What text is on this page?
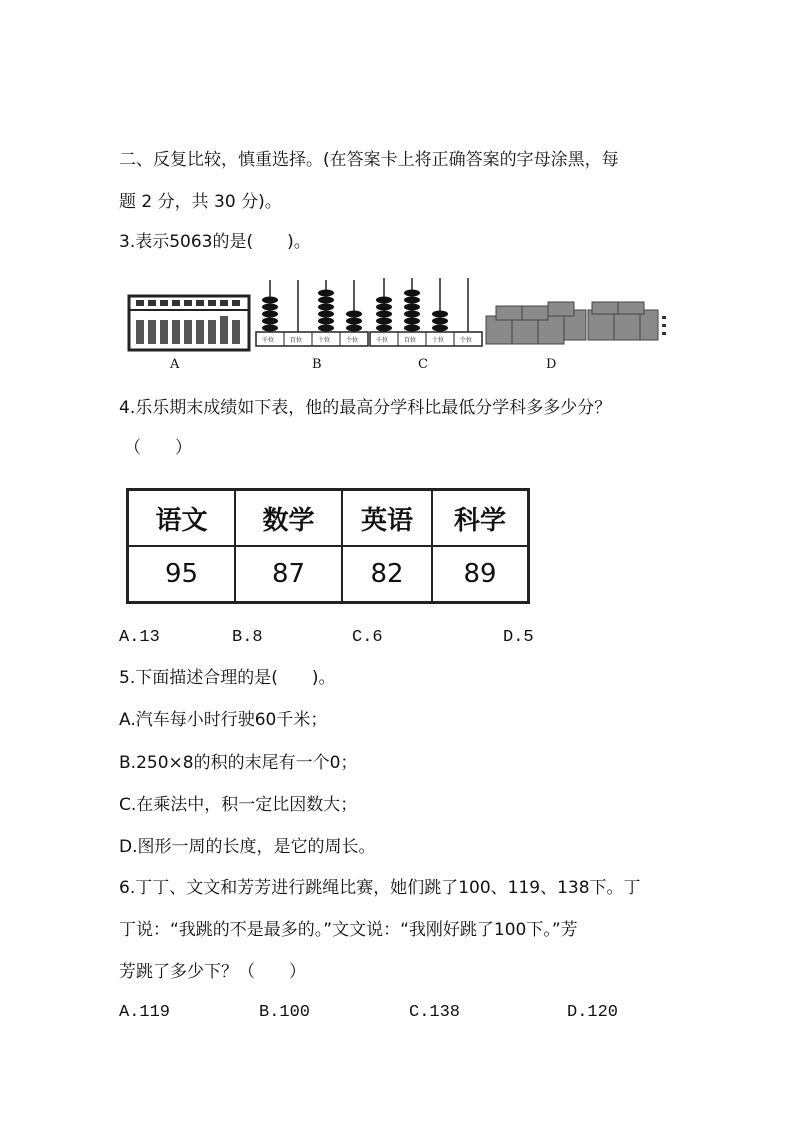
二、反复比较，慎重选择。(在答案卡上将正确答案的字母涂黑，每
题 2 分，共 30 分)。
3.表示5063的是(　　)。
A
千位	百位	十位	个位
B
千位	百位	十位	个位
C	D
4.乐乐期末成绩如下表，他的最高分学科比最低分学科多多少分？
（　　）
语文	数学	英语	科学
95	87	82	89
A.13	B.8	C.6	D.5
5.下面描述合理的是(　　)。
A.汽车每小时行驶60千米；
B.250×8的积的末尾有一个0；
C.在乘法中，积一定比因数大；
D.图形一周的长度，是它的周长。
6.丁丁、文文和芳芳进行跳绳比赛，她们跳了100、119、138下。丁
丁说：“我跳的不是最多的。”文文说：“我刚好跳了100下。”芳
芳跳了多少下？（　　）
A.119	B.100	C.138	D.120
